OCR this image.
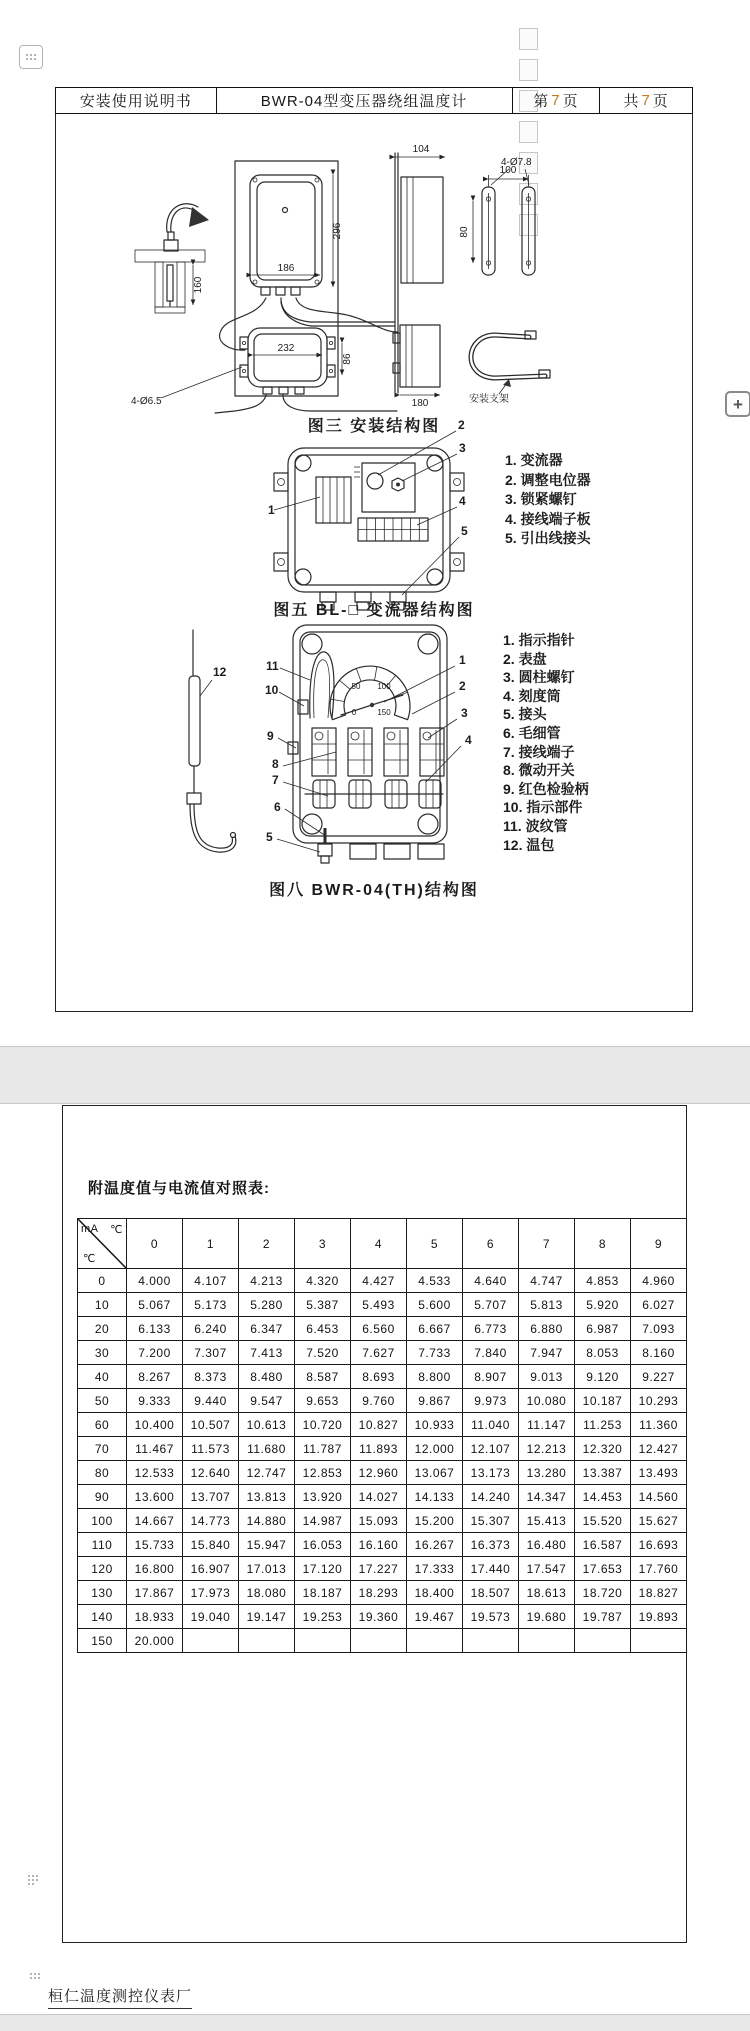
安装使用说明书	BWR-04型变压器绕组温度计	第 7 页	共 7 页
160
186
296
232
86
4-Ø6.5
104
180
100
80
4-Ø7.8
安装支架
图三 安装结构图
1
2
3
4
5
1. 变流器
2. 调整电位器
3. 锁紧螺钉
4. 接线端子板
5. 引出线接头
图五 BL-□ 变流器结构图
12
50 100
0	150
11
10
9
8
7
6
5
1
2
3
4
1. 指示指针
2. 表盘
3. 圆柱螺钉
4. 刻度筒
5. 接头
6. 毛细管
7. 接线端子
8. 微动开关
9. 红色检验柄
10. 指示部件
11. 波纹管
12. 温包
图八 BWR-04(TH)结构图
附温度值与电流值对照表:
mA ℃
℃	0	1	2	3	4	5	6	7	8	9
0	4.000	4.107	4.213	4.320	4.427	4.533	4.640	4.747	4.853	4.960
10	5.067	5.173	5.280	5.387	5.493	5.600	5.707	5.813	5.920	6.027
20	6.133	6.240	6.347	6.453	6.560	6.667	6.773	6.880	6.987	7.093
30	7.200	7.307	7.413	7.520	7.627	7.733	7.840	7.947	8.053	8.160
40	8.267	8.373	8.480	8.587	8.693	8.800	8.907	9.013	9.120	9.227
50	9.333	9.440	9.547	9.653	9.760	9.867	9.973	10.080	10.187	10.293
60	10.400	10.507	10.613	10.720	10.827	10.933	11.040	11.147	11.253	11.360
70	11.467	11.573	11.680	11.787	11.893	12.000	12.107	12.213	12.320	12.427
80	12.533	12.640	12.747	12.853	12.960	13.067	13.173	13.280	13.387	13.493
90	13.600	13.707	13.813	13.920	14.027	14.133	14.240	14.347	14.453	14.560
100	14.667	14.773	14.880	14.987	15.093	15.200	15.307	15.413	15.520	15.627
110	15.733	15.840	15.947	16.053	16.160	16.267	16.373	16.480	16.587	16.693
120	16.800	16.907	17.013	17.120	17.227	17.333	17.440	17.547	17.653	17.760
130	17.867	17.973	18.080	18.187	18.293	18.400	18.507	18.613	18.720	18.827
140	18.933	19.040	19.147	19.253	19.360	19.467	19.573	19.680	19.787	19.893
150	20.000									
桓仁温度测控仪表厂
+
